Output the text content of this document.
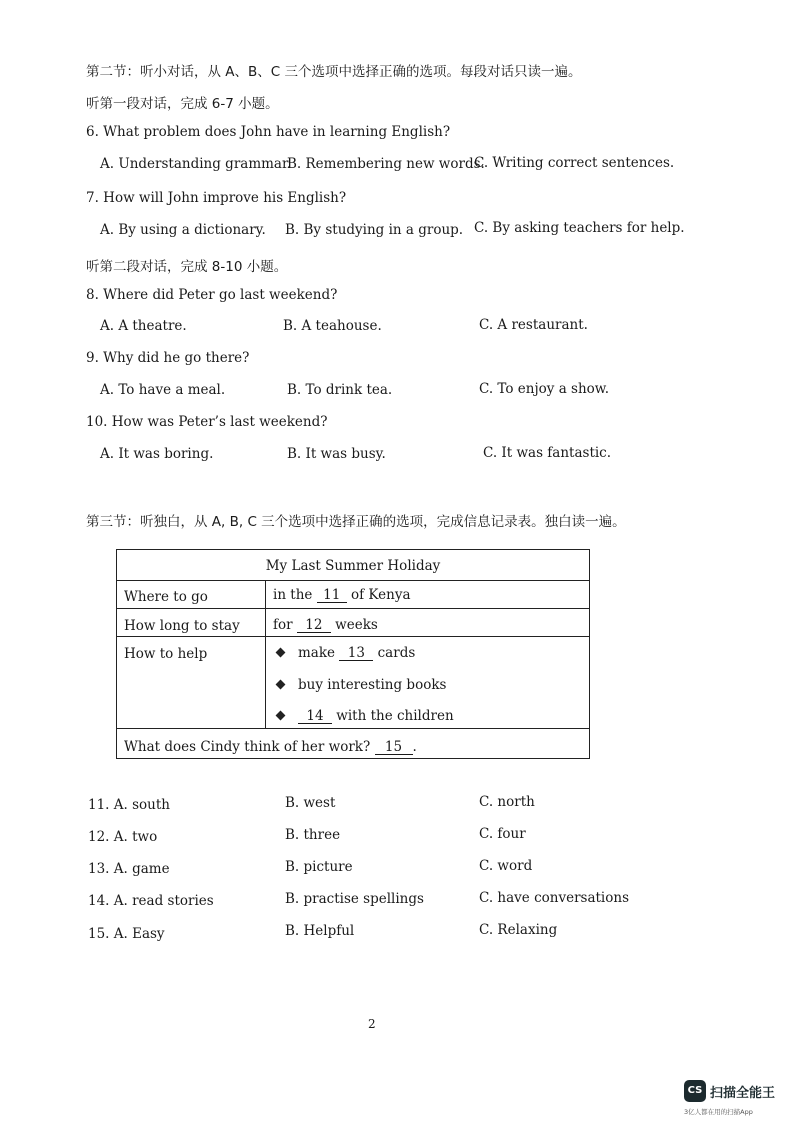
第二节：听小对话，从 A、B、C 三个选项中选择正确的选项。每段对话只读一遍。
听第一段对话，完成 6-7 小题。
6. What problem does John have in learning English?
A. Understanding grammar.
B. Remembering new words.
C. Writing correct sentences.
7. How will John improve his English?
A. By using a dictionary. B. By studying in a group. C. By asking teachers for help.
听第二段对话，完成 8-10 小题。
8. Where did Peter go last weekend?
A. A theatre.	B. A teahouse.	C. A restaurant.
9. Why did he go there?
A. To have a meal.	B. To drink tea.	C. To enjoy a show.
10. How was Peter’s last weekend?
A. It was boring.	B. It was busy.	C. It was fantastic.
第三节：听独白，从 A, B, C 三个选项中选择正确的选项，完成信息记录表。独白读一遍。
My Last Summer Holiday
Where to go	in the 11 of Kenya
How long to stay for 12 weeks
How to help	make 13 cards
buy interesting books
14 with the children
What does Cindy think of her work? 15 .
11. A. south	B. west	C. north
12. A. two	B. three	C. four
13. A. game	B. picture	C. word
14. A. read stories	B. practise spellings	C. have conversations
15. A. Easy	B. Helpful	C. Relaxing
2
CS 扫描全能王
3亿人都在用的扫描App
